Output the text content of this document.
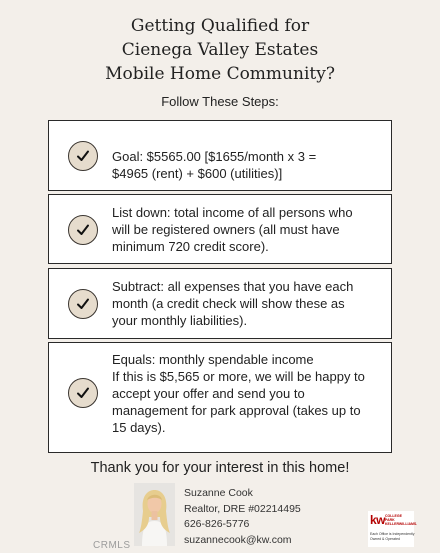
Getting Qualified for
Cienega Valley Estates
Mobile Home Community?
Follow These Steps:
Goal: $5565.00 [$1655/month x 3 =
$4965 (rent) + $600 (utilities)]
List down: total income of all persons who
will be registered owners (all must have
minimum 720 credit score).
Subtract: all expenses that you have each
month (a credit check will show these as
your monthly liabilities).
Equals: monthly spendable income
If this is $5,565 or more, we will be happy to
accept your offer and send you to
management for park approval (takes up to
15 days).
Thank you for your interest in this home!
Suzanne Cook
Realtor, DRE #02214495
626-826-5776
suzannecook@kw.com
kw COLLEGE
PARK
KELLERWILLIAMS.
Each Office is Independently
Owned & Operated
CRMLS
